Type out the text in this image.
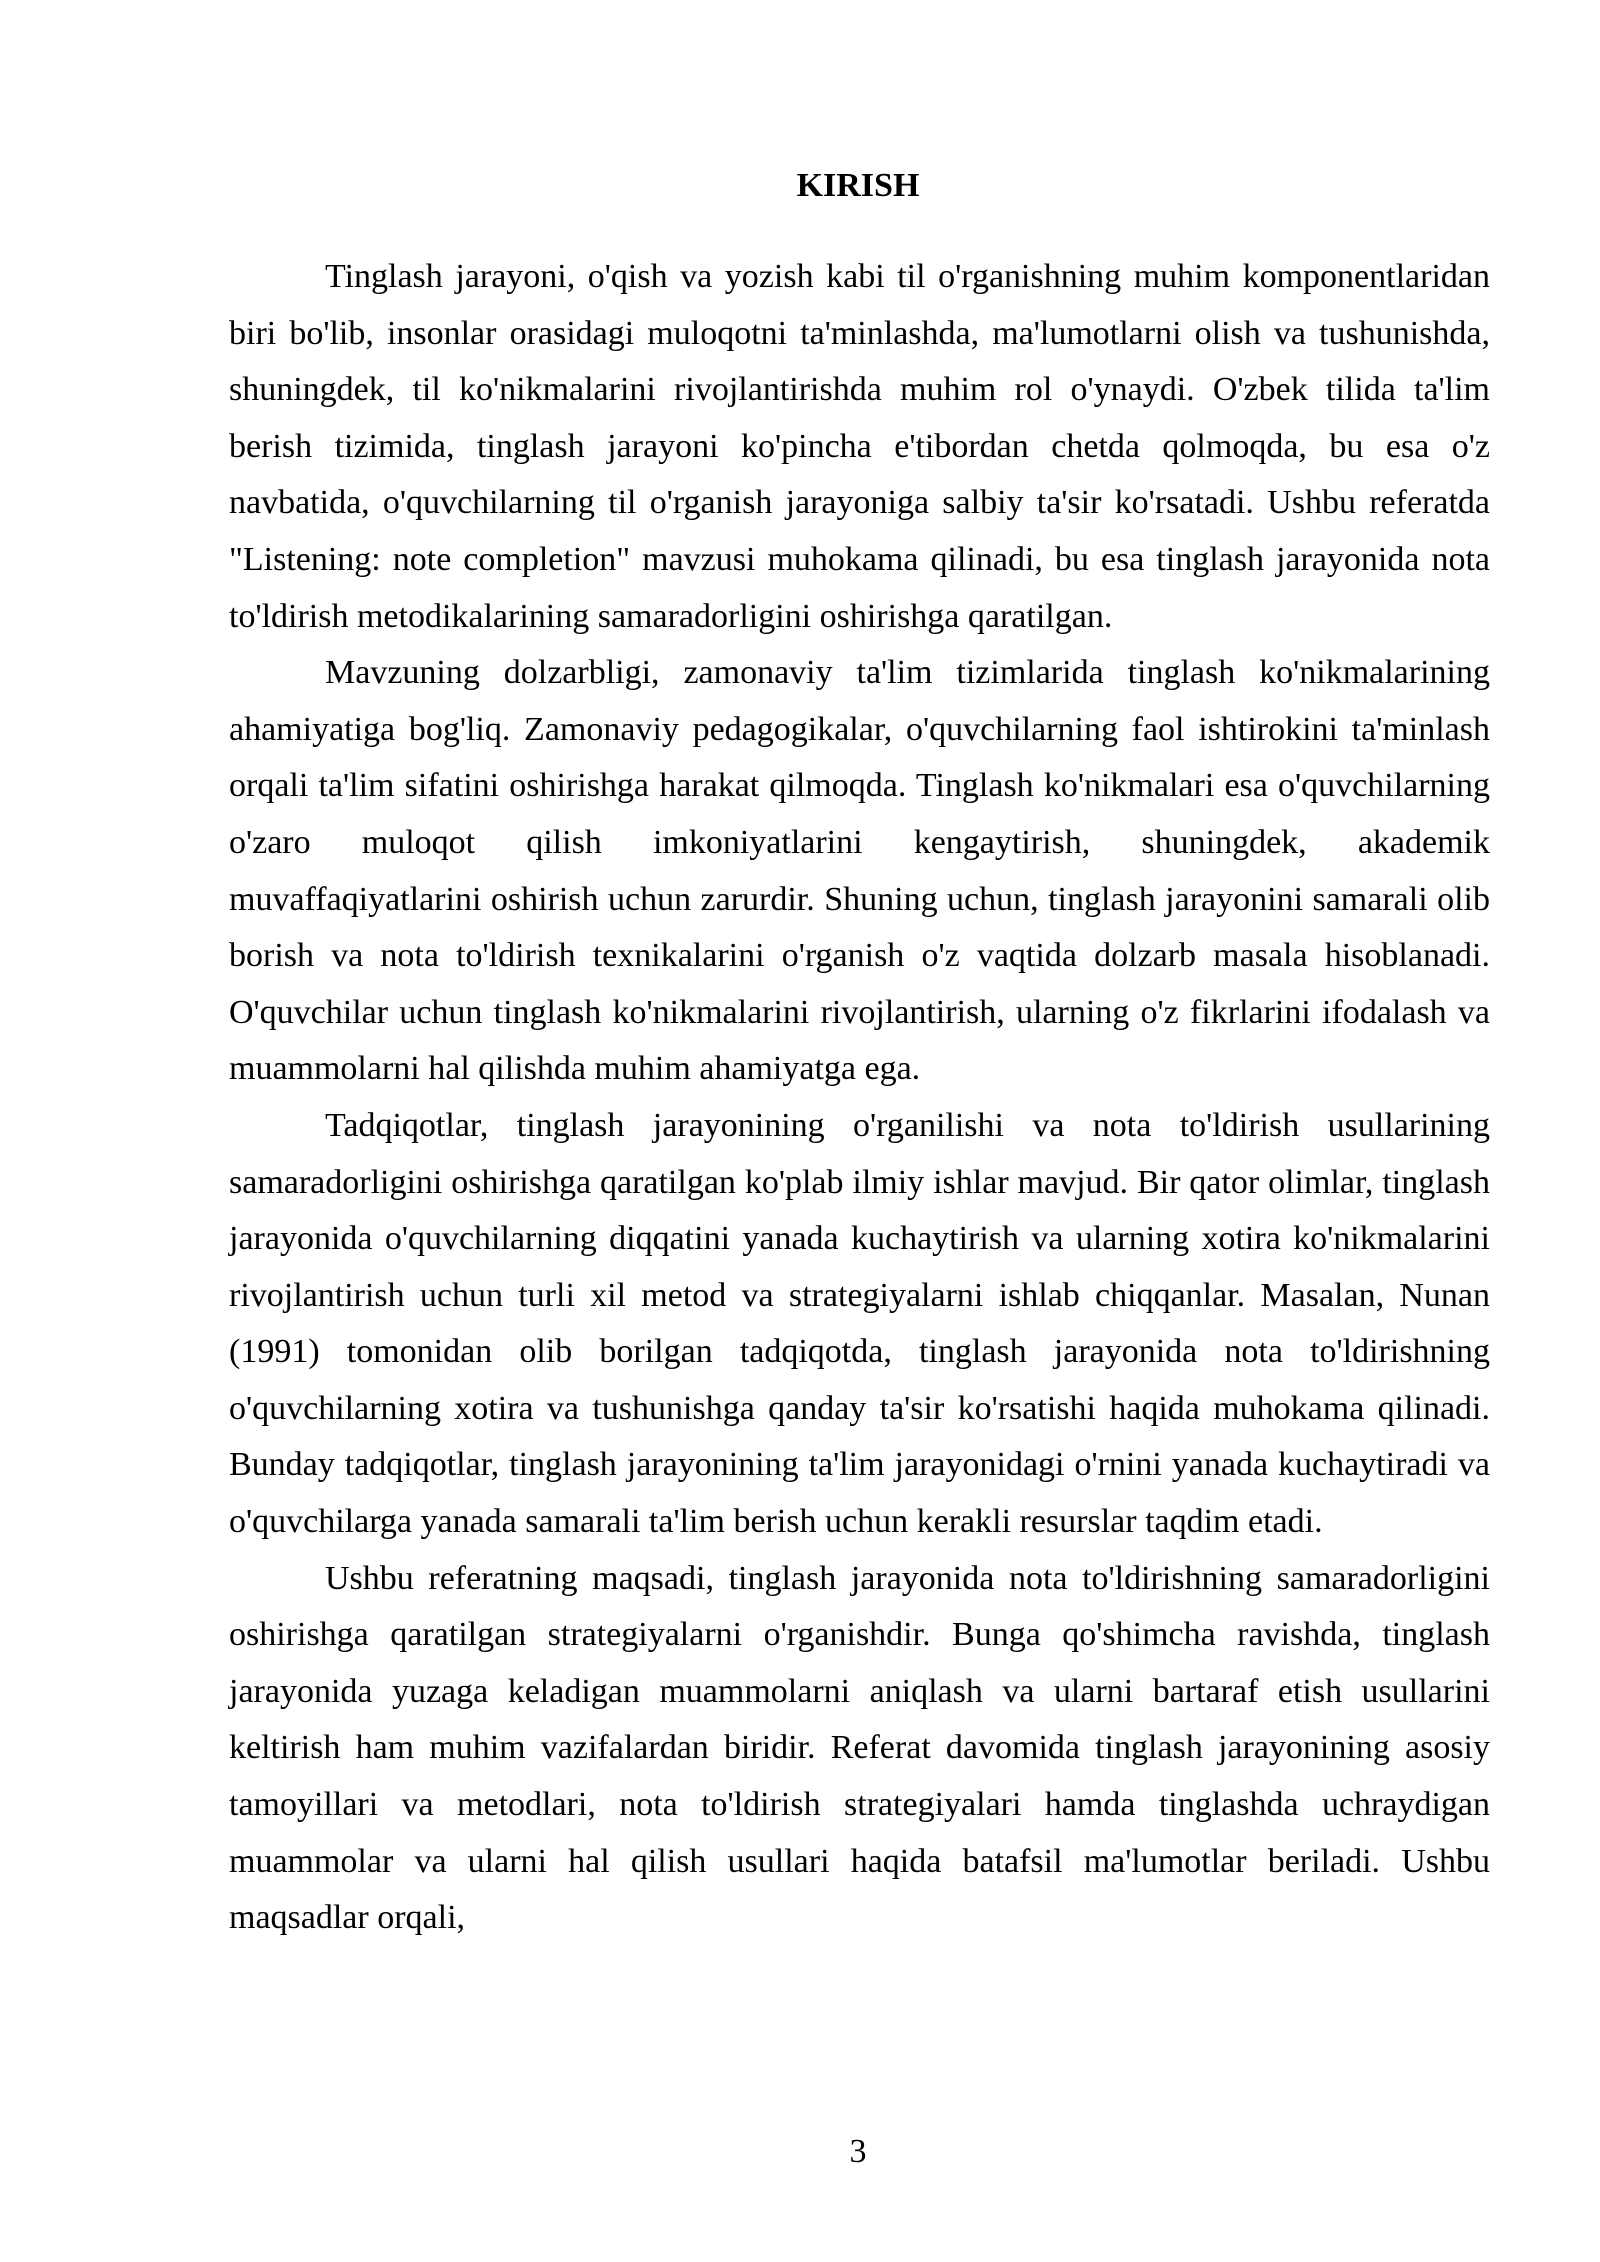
KIRISH

Tinglash jarayoni, o'qish va yozish kabi til o'rganishning muhim komponentlaridan biri bo'lib, insonlar orasidagi muloqotni ta'minlashda, ma'lumotlarni olish va tushunishda, shuningdek, til ko'nikmalarini rivojlantirishda muhim rol o'ynaydi. O'zbek tilida ta'lim berish tizimida, tinglash jarayoni ko'pincha e'tibordan chetda qolmoqda, bu esa o'z navbatida, o'quvchilarning til o'rganish jarayoniga salbiy ta'sir ko'rsatadi. Ushbu referatda "Listening: note completion" mavzusi muhokama qilinadi, bu esa tinglash jarayonida nota to'ldirish metodikalarining samaradorligini oshirishga qaratilgan.

Mavzuning dolzarbligi, zamonaviy ta'lim tizimlarida tinglash ko'nikmalarining ahamiyatiga bog'liq. Zamonaviy pedagogikalar, o'quvchilarning faol ishtirokini ta'minlash orqali ta'lim sifatini oshirishga harakat qilmoqda. Tinglash ko'nikmalari esa o'quvchilarning o'zaro muloqot qilish imkoniyatlarini kengaytirish, shuningdek, akademik muvaffaqiyatlarini oshirish uchun zarurdir. Shuning uchun, tinglash jarayonini samarali olib borish va nota to'ldirish texnikalarini o'rganish o'z vaqtida dolzarb masala hisoblanadi. O'quvchilar uchun tinglash ko'nikmalarini rivojlantirish, ularning o'z fikrlarini ifodalash va muammolarni hal qilishda muhim ahamiyatga ega.

Tadqiqotlar, tinglash jarayonining o'rganilishi va nota to'ldirish usullarining samaradorligini oshirishga qaratilgan ko'plab ilmiy ishlar mavjud. Bir qator olimlar, tinglash jarayonida o'quvchilarning diqqatini yanada kuchaytirish va ularning xotira ko'nikmalarini rivojlantirish uchun turli xil metod va strategiyalarni ishlab chiqqanlar. Masalan, Nunan (1991) tomonidan olib borilgan tadqiqotda, tinglash jarayonida nota to'ldirishning o'quvchilarning xotira va tushunishga qanday ta'sir ko'rsatishi haqida muhokama qilinadi. Bunday tadqiqotlar, tinglash jarayonining ta'lim jarayonidagi o'rnini yanada kuchaytiradi va o'quvchilarga yanada samarali ta'lim berish uchun kerakli resurslar taqdim etadi.

Ushbu referatning maqsadi, tinglash jarayonida nota to'ldirishning samaradorligini oshirishga qaratilgan strategiyalarni o'rganishdir. Bunga qo'shimcha ravishda, tinglash jarayonida yuzaga keladigan muammolarni aniqlash va ularni bartaraf etish usullarini keltirish ham muhim vazifalardan biridir. Referat davomida tinglash jarayonining asosiy tamoyillari va metodlari, nota to'ldirish strategiyalari hamda tinglashda uchraydigan muammolar va ularni hal qilish usullari haqida batafsil ma'lumotlar beriladi. Ushbu maqsadlar orqali,

3
